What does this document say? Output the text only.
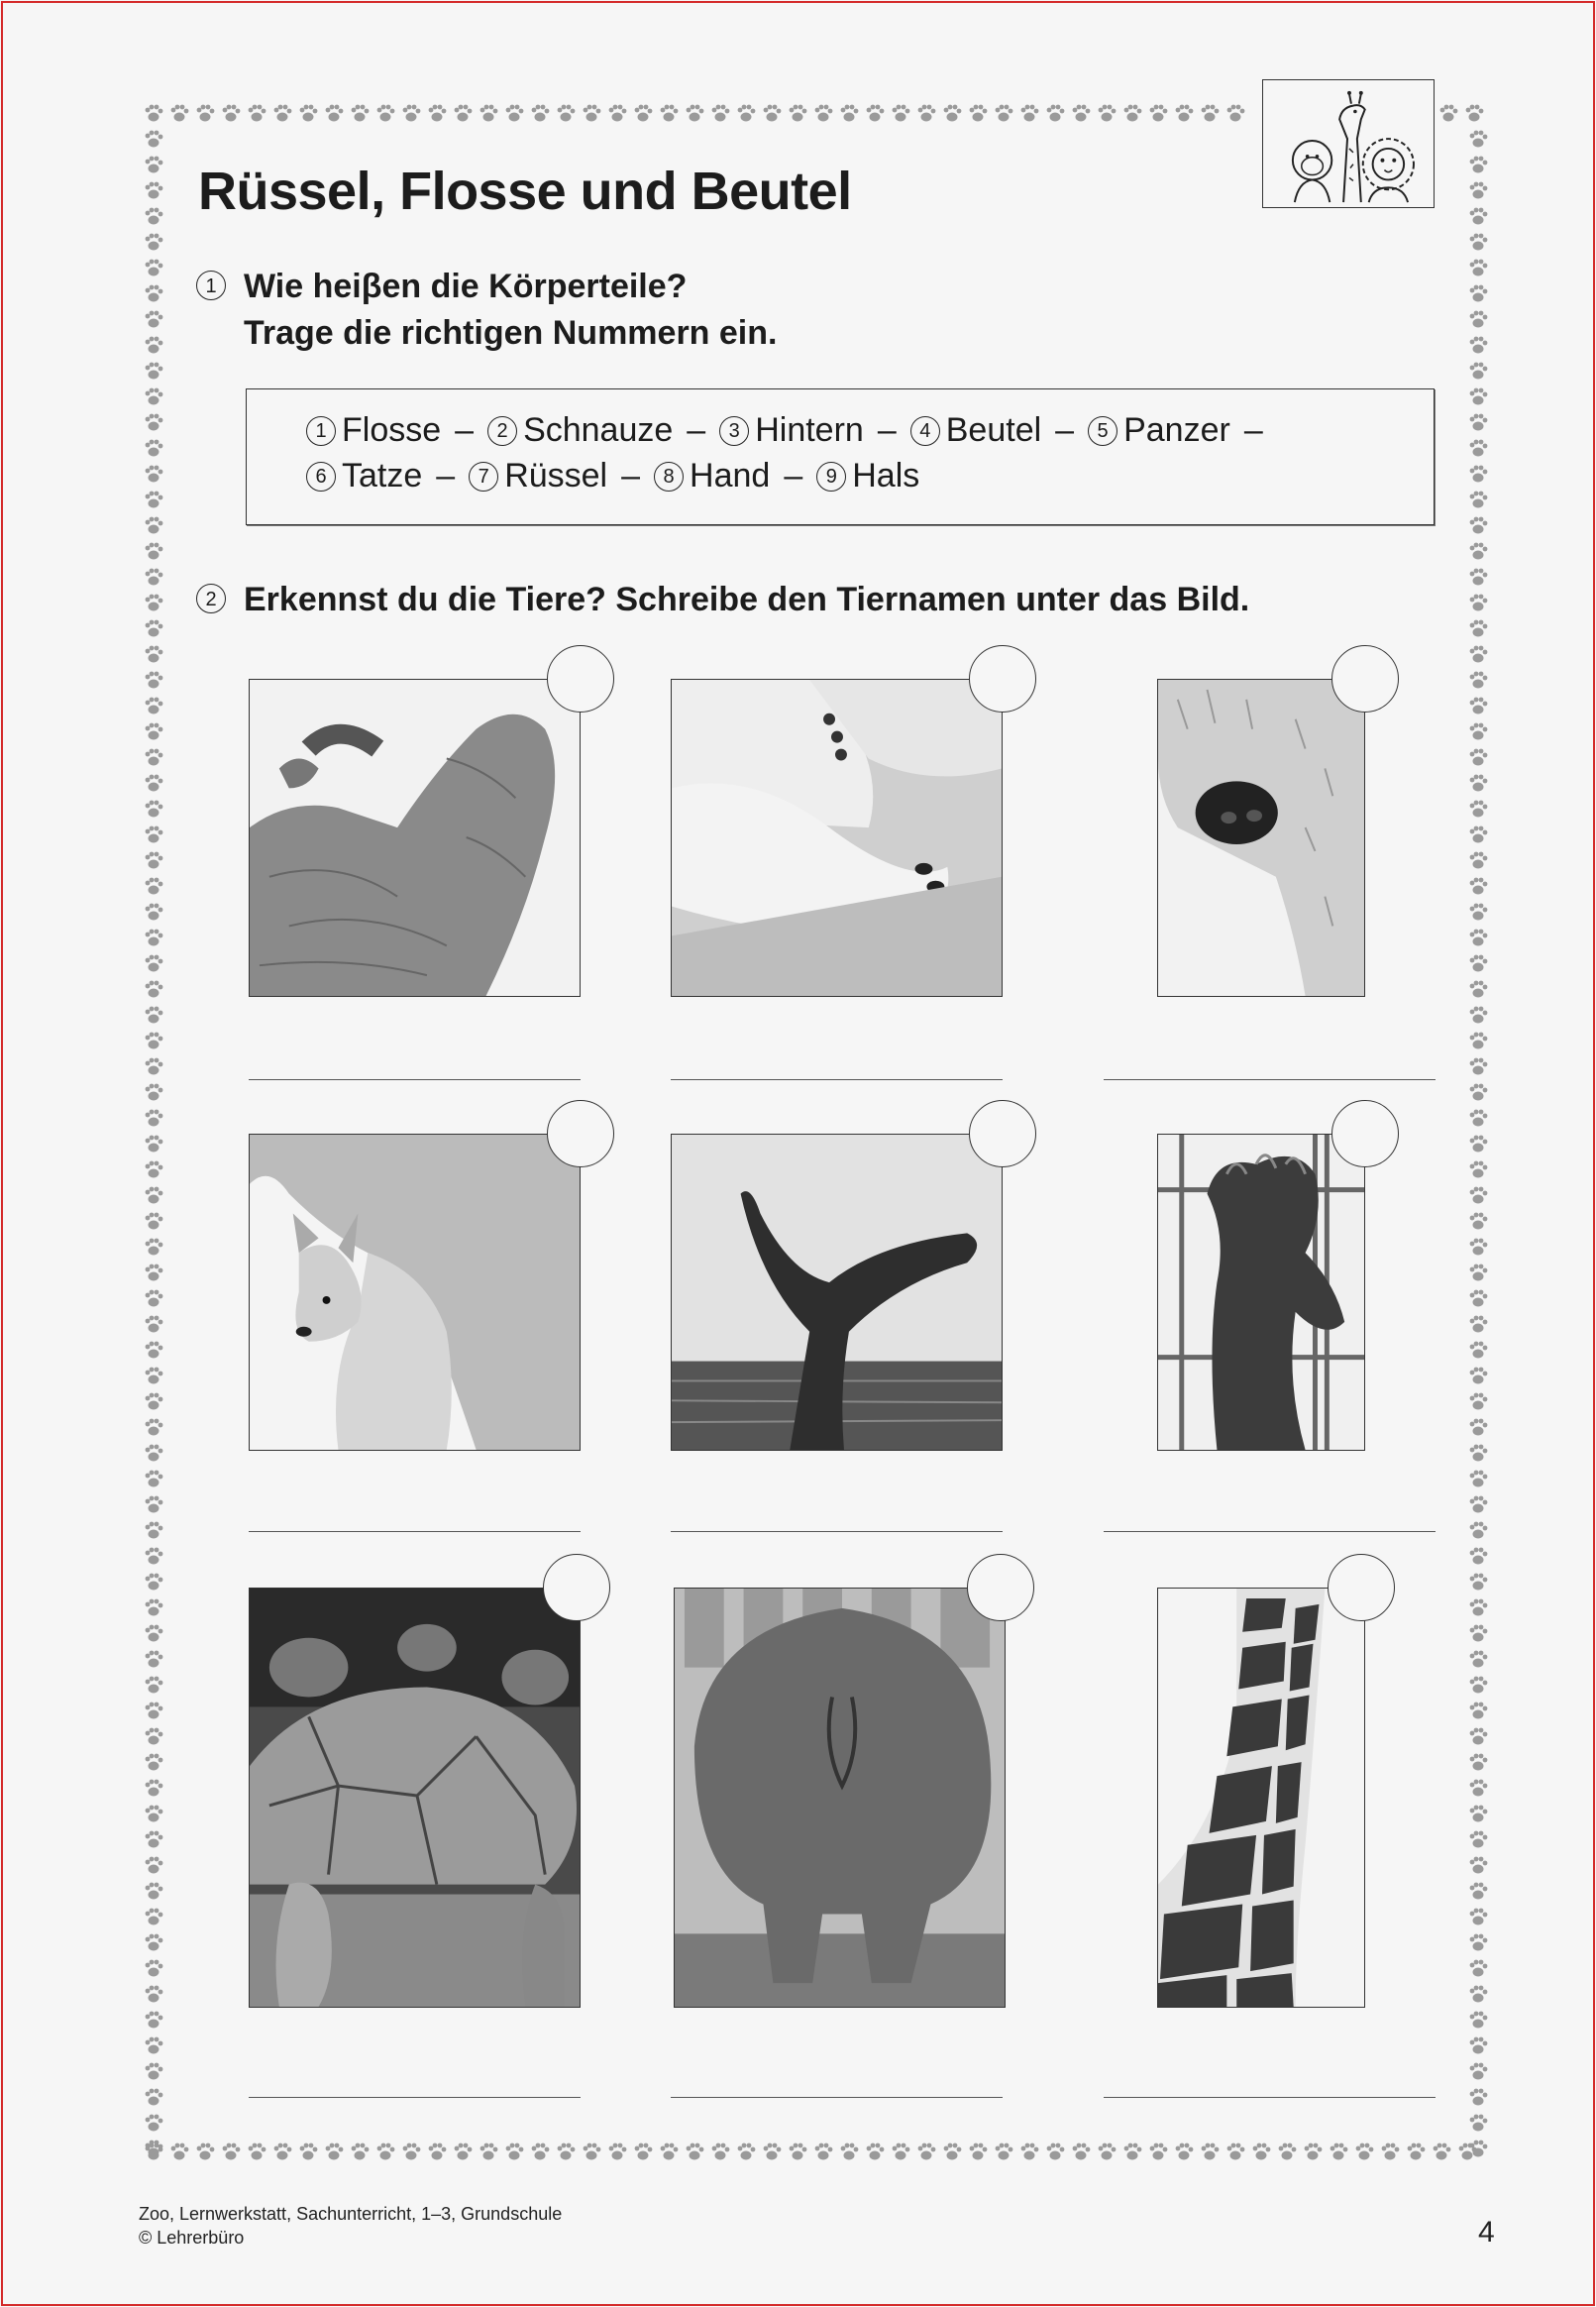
Rüssel, Flosse und Beutel
1 Wie heiβen die Körperteile?
Trage die richtigen Nummern ein.
1 Flosse –	2 Schnauze –	3 Hintern –	4 Beutel –	5 Panzer –
6 Tatze –	7 Rüssel –	8 Hand –	9 Hals
2 Erkennst du die Tiere? Schreibe den Tiernamen unter das Bild.
Zoo, Lernwerkstatt, Sachunterricht, 1–3, Grundschule
© Lehrerbüro	4
